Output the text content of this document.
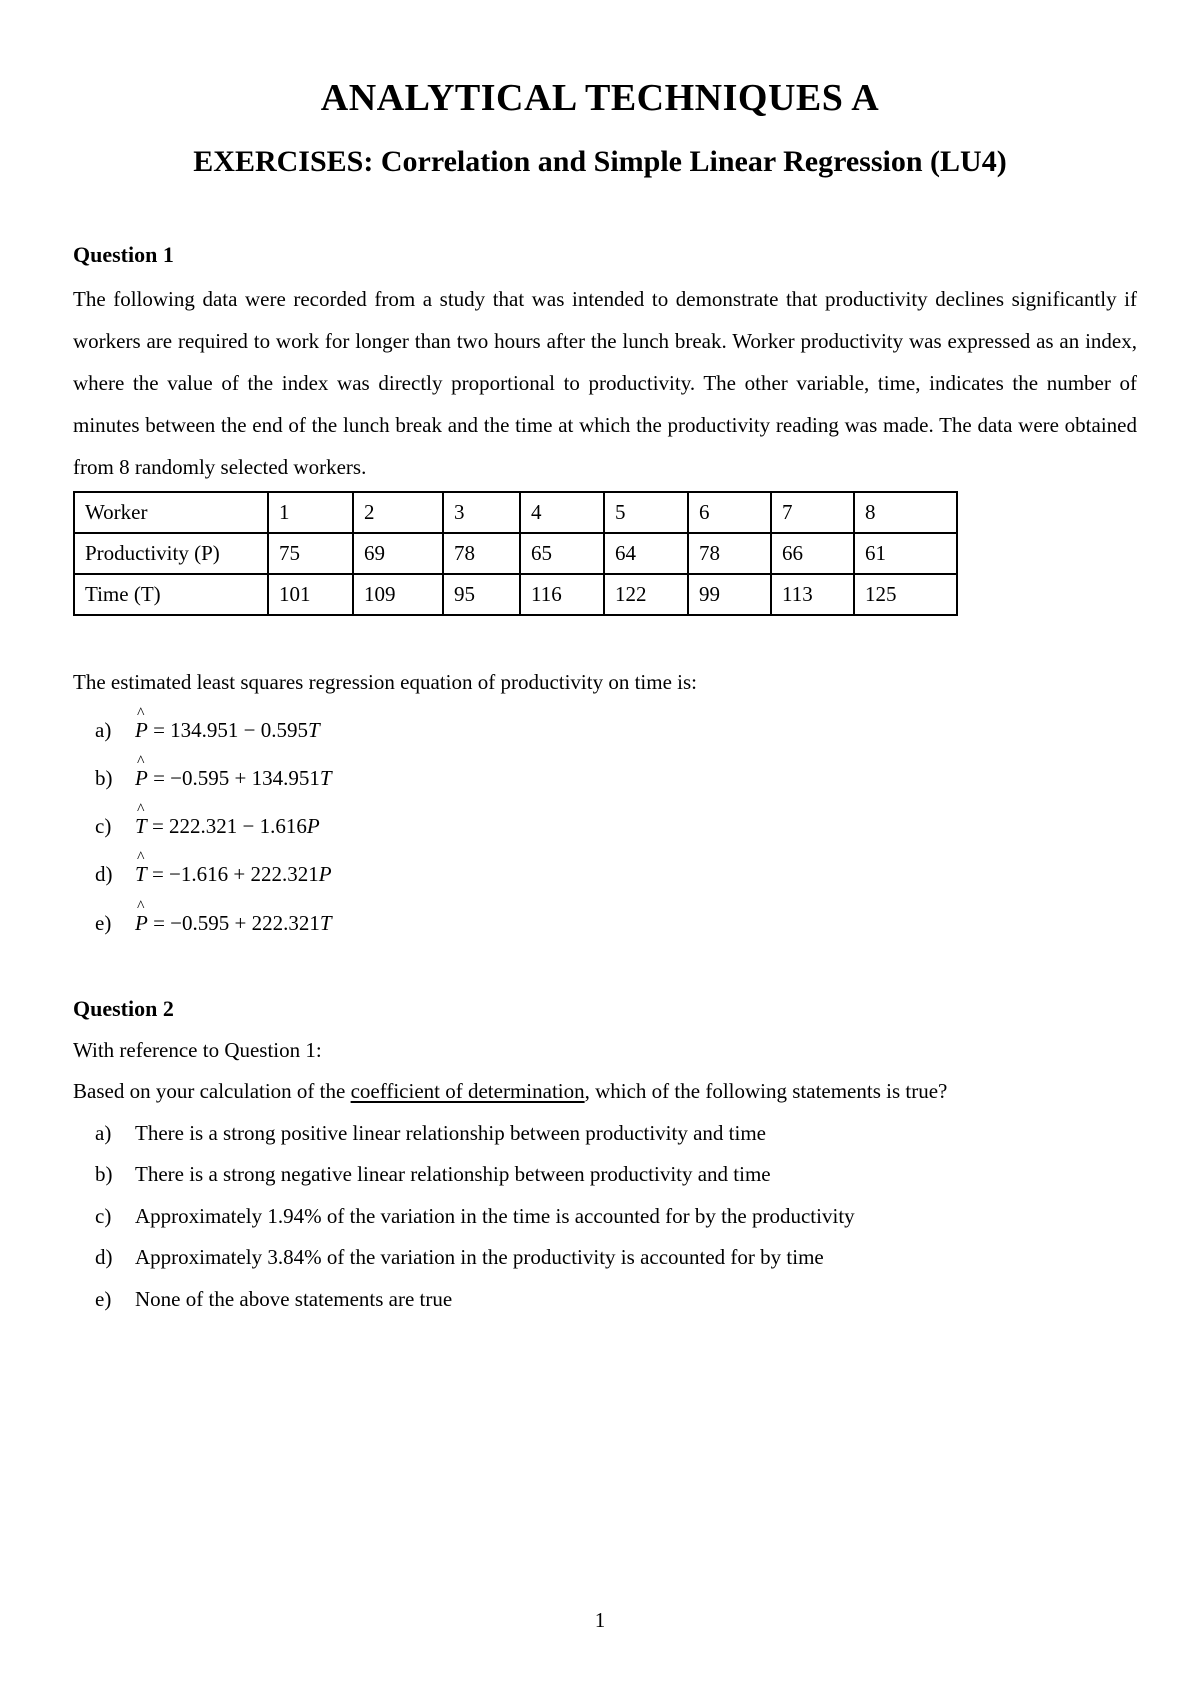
ANALYTICAL TECHNIQUES A
EXERCISES: Correlation and Simple Linear Regression (LU4)
Question 1
The following data were recorded from a study that was intended to demonstrate that productivity declines significantly if workers are required to work for longer than two hours after the lunch break. Worker productivity was expressed as an index, where the value of the index was directly proportional to productivity. The other variable, time, indicates the number of minutes between the end of the lunch break and the time at which the productivity reading was made. The data were obtained from 8 randomly selected workers.
Worker	1	2	3	4	5	6	7	8
Productivity (P)	75	69	78	65	64	78	66	61
Time (T)	101	109	95	116	122	99	113	125
The estimated least squares regression equation of productivity on time is:
a) ^ P = 134.951 − 0.595T
b) ^ P = −0.595 + 134.951T
c) ^ T = 222.321 − 1.616P
d) ^ T = −1.616 + 222.321P
e) ^ P = −0.595 + 222.321T
Question 2
With reference to Question 1:
Based on your calculation of the coefficient of determination, which of the following statements is true?
a) There is a strong positive linear relationship between productivity and time
b) There is a strong negative linear relationship between productivity and time
c) Approximately 1.94% of the variation in the time is accounted for by the productivity
d) Approximately 3.84% of the variation in the productivity is accounted for by time
e) None of the above statements are true
1
